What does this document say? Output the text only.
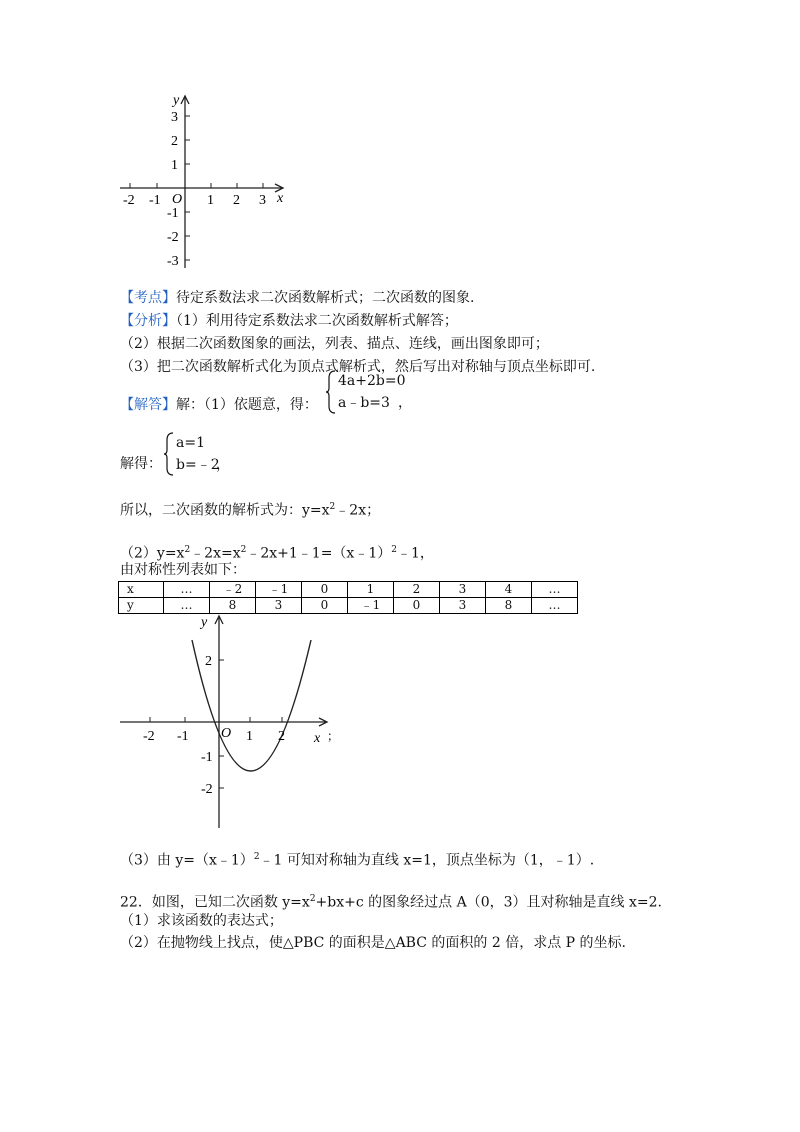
-2 -1	1 2 3
3
2
1
-1
-2
-3
O	x
y
【考点】待定系数法求二次函数解析式；二次函数的图象.
【分析】（1）利用待定系数法求二次函数解析式解答；
（2）根据二次函数图象的画法，列表、描点、连线，画出图象即可；
（3）把二次函数解析式化为顶点式解析式，然后写出对称轴与顶点坐标即可.
【解答】解：（1）依题意，得：
4a+2b=0
a﹣b=3 ，
解得：
a=1
b=﹣2
，
所以，二次函数的解析式为：$y=x^2﹣2x$；
$(2)y=x^2﹣2x=x^2﹣2x+1﹣1=(x﹣1)^2﹣1$，
由对称性列表如下：
x	…	﹣2	﹣1	0	1	2	3	4	…
y	…	8	3	0	﹣1	0	3	8	…
-2 -1	1 2
2
-1
-2
O	x ；
y
（3）由 y=（x﹣1）$^2$﹣1 可知对称轴为直线 x=1，顶点坐标为（1，﹣1）.
22．如图，已知二次函数 $y=x^2+bx+c$ 的图象经过点 A（0，3）且对称轴是直线 x=2.
（1）求该函数的表达式；
（2）在抛物线上找点，使△PBC 的面积是△ABC 的面积的 2 倍，求点 P 的坐标.
